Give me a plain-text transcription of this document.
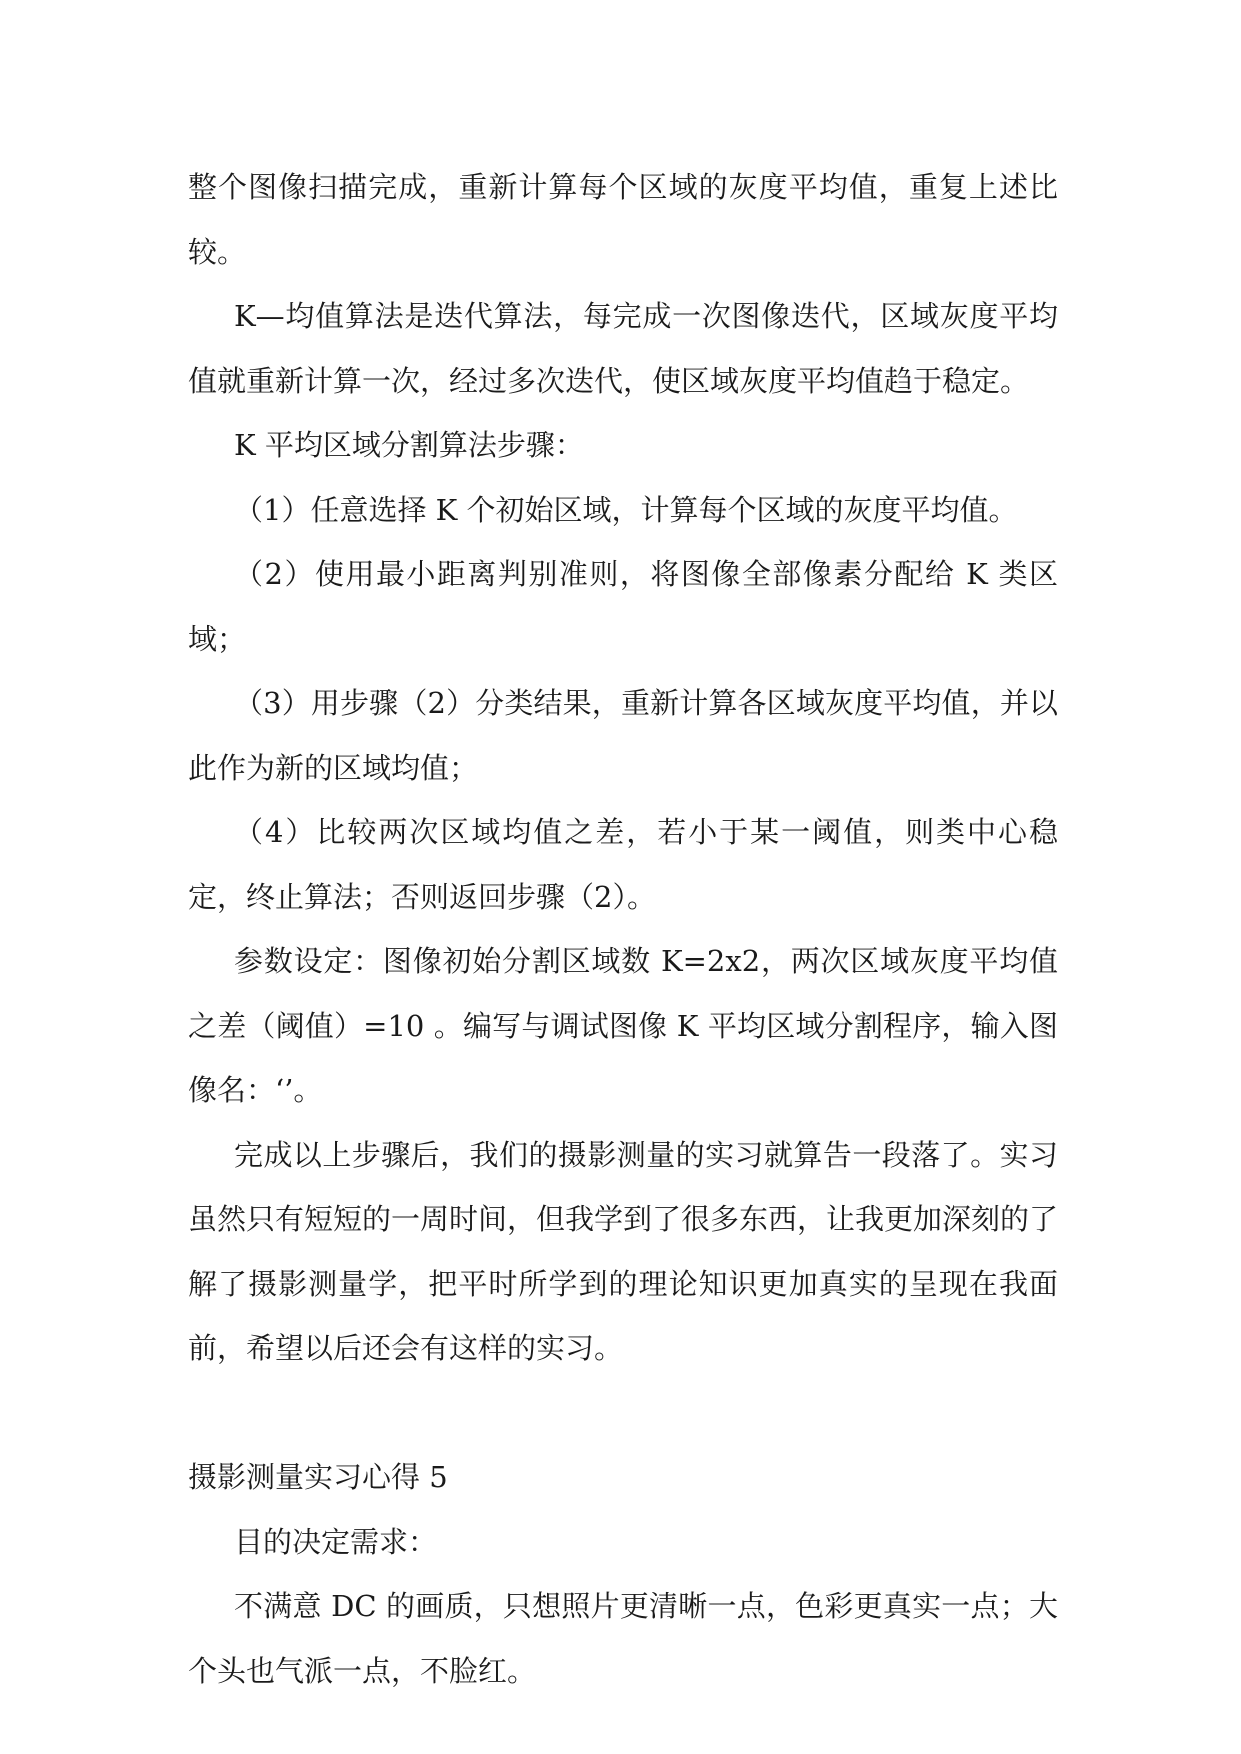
整个图像扫描完成，重新计算每个区域的灰度平均值，重复上述比较。

K—均值算法是迭代算法，每完成一次图像迭代，区域灰度平均值就重新计算一次，经过多次迭代，使区域灰度平均值趋于稳定。

K 平均区域分割算法步骤：

（1）任意选择 K 个初始区域，计算每个区域的灰度平均值。

（2）使用最小距离判别准则，将图像全部像素分配给 K 类区域；

（3）用步骤（2）分类结果，重新计算各区域灰度平均值，并以此作为新的区域均值；

（4）比较两次区域均值之差，若小于某一阈值，则类中心稳定，终止算法；否则返回步骤（2）。

参数设定：图像初始分割区域数 K=2x2，两次区域灰度平均值之差（阈值）=10 。编写与调试图像 K 平均区域分割程序，输入图像名：‘’。

完成以上步骤后，我们的摄影测量的实习就算告一段落了。实习虽然只有短短的一周时间，但我学到了很多东西，让我更加深刻的了解了摄影测量学，把平时所学到的理论知识更加真实的呈现在我面前，希望以后还会有这样的实习。

摄影测量实习心得 5

目的决定需求：

不满意 DC 的画质，只想照片更清晰一点，色彩更真实一点；大个头也气派一点，不脸红。
